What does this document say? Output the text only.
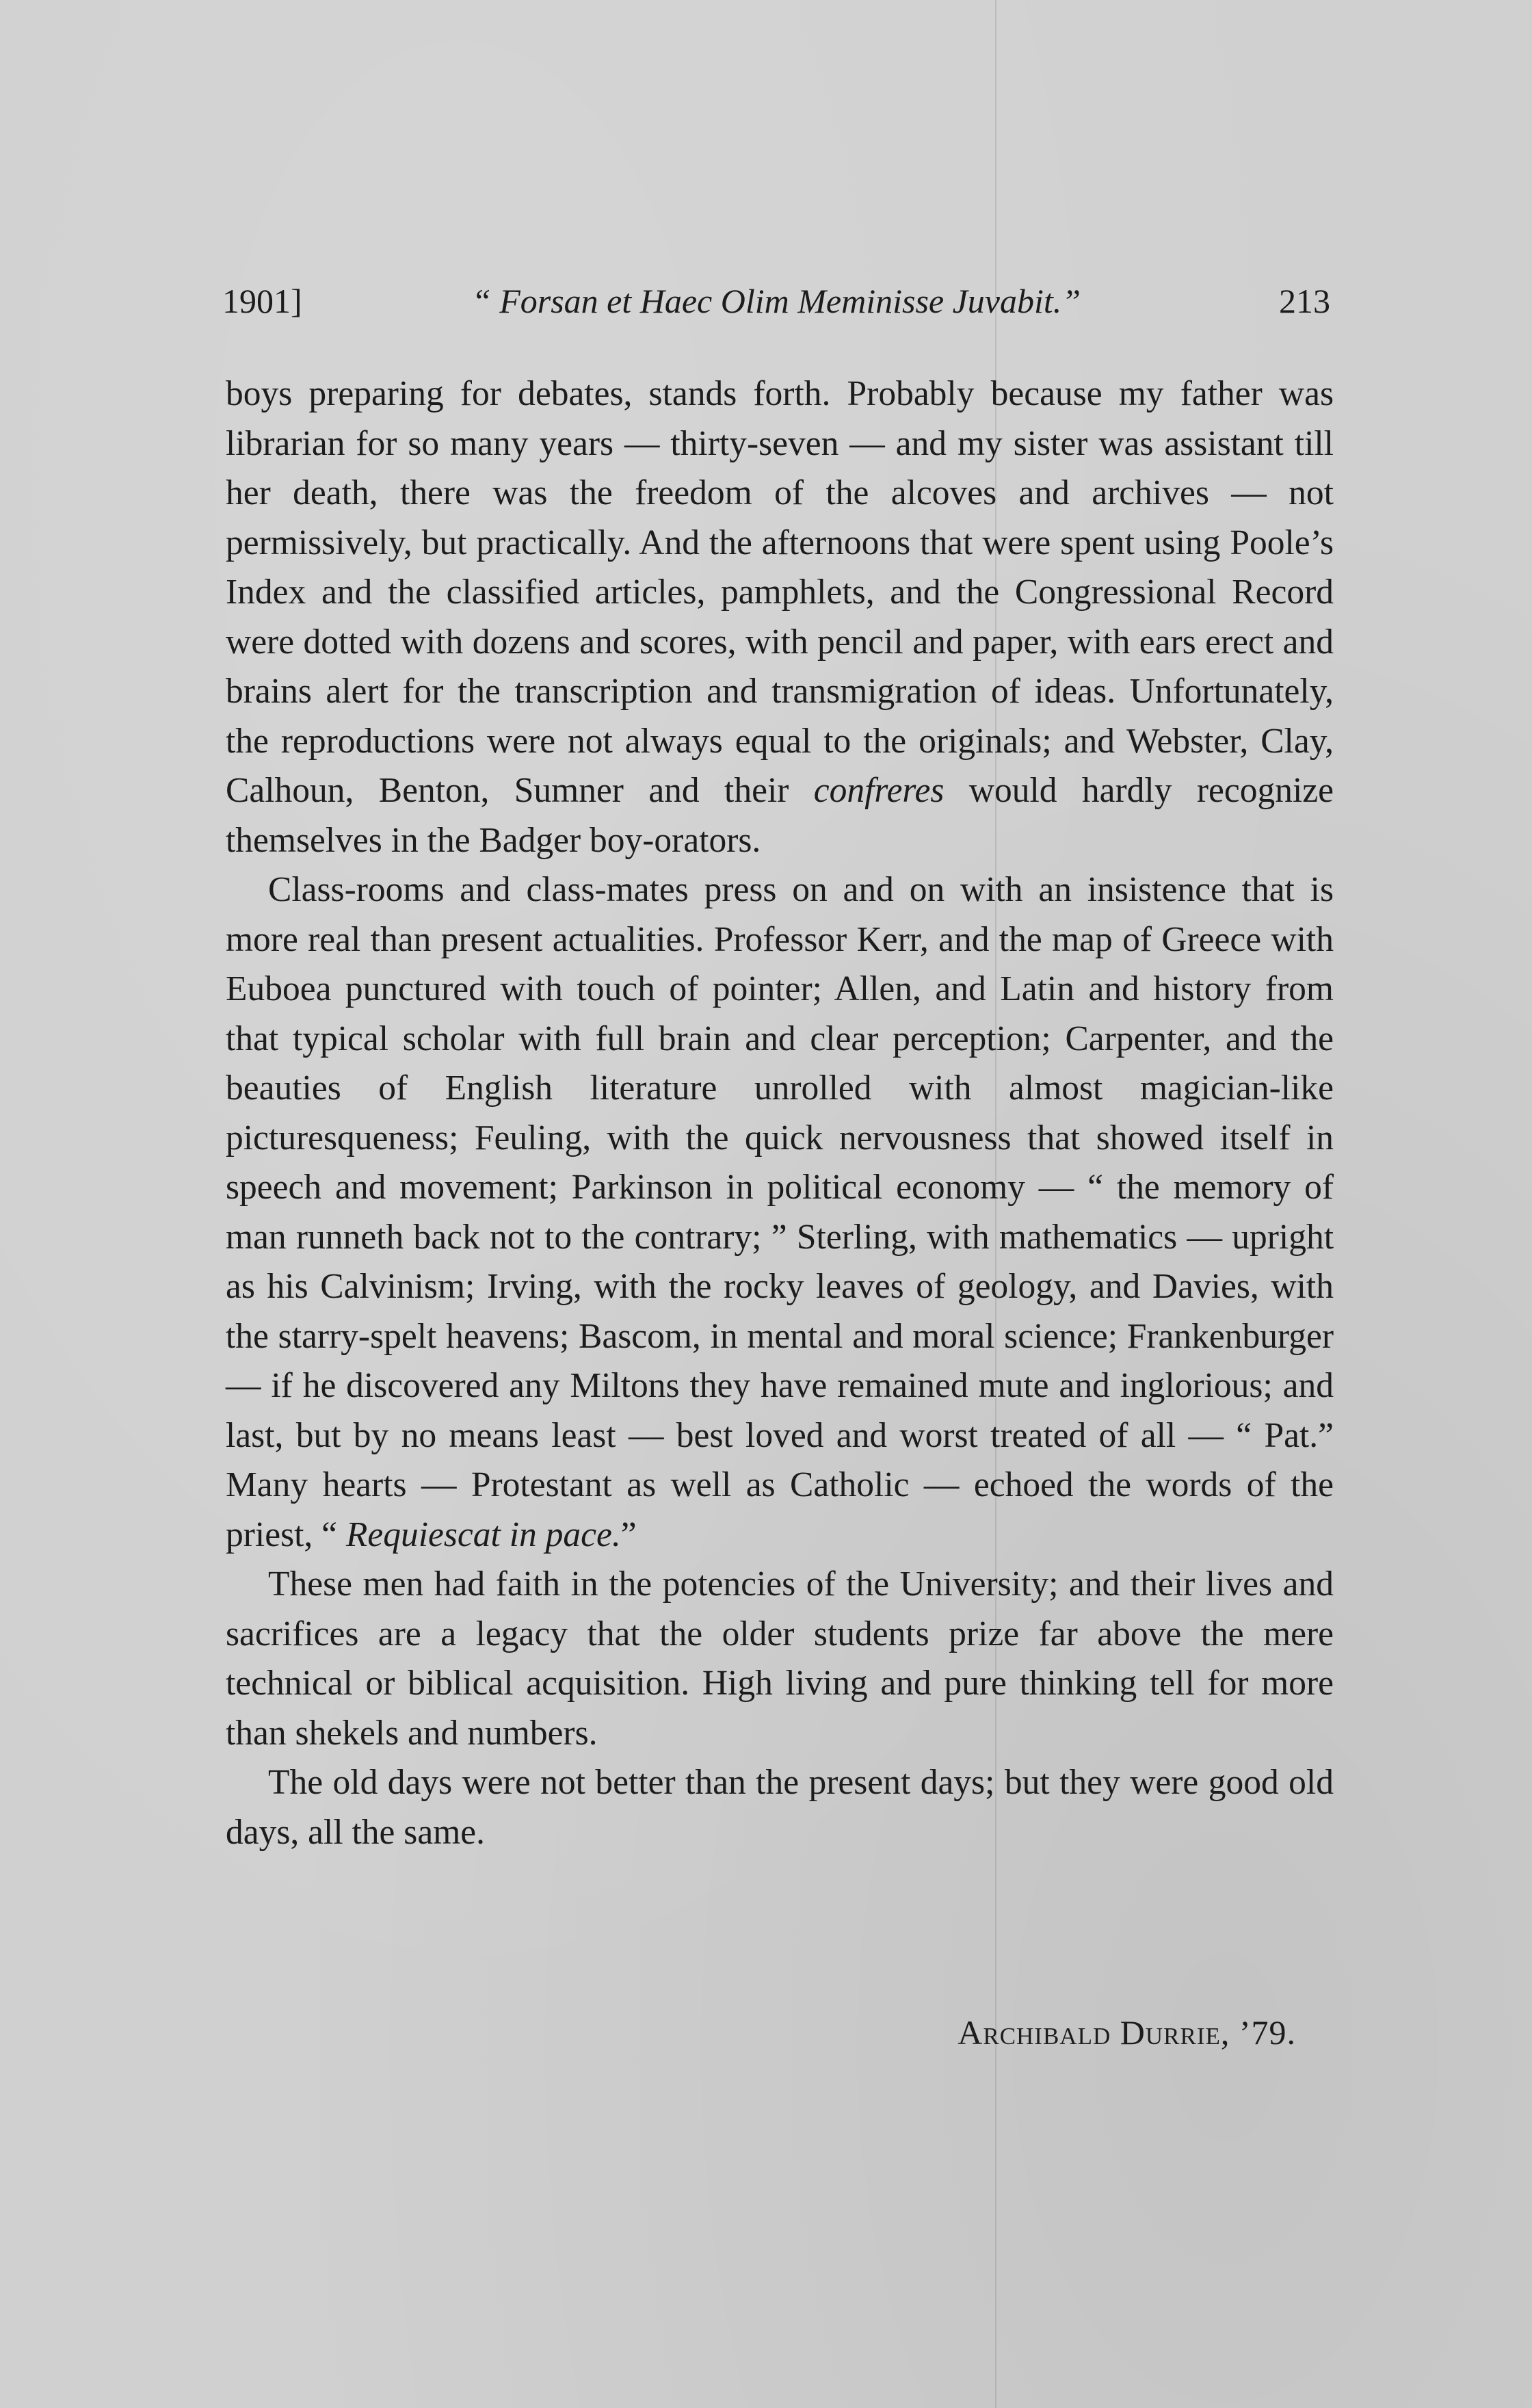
1901]	“ Forsan et Haec Olim Meminisse Juvabit.”	213

boys preparing for debates, stands forth. Probably because my father was librarian for so many years — thirty-seven — and my sister was assistant till her death, there was the freedom of the alcoves and archives — not permissively, but practically. And the afternoons that were spent using Poole’s Index and the classified articles, pamphlets, and the Congressional Record were dotted with dozens and scores, with pencil and paper, with ears erect and brains alert for the transcription and transmigration of ideas. Unfortunately, the reproductions were not always equal to the originals; and Webster, Clay, Calhoun, Benton, Sumner and their confreres would hardly recognize themselves in the Badger boy-orators.

Class-rooms and class-mates press on and on with an insistence that is more real than present actualities. Professor Kerr, and the map of Greece with Euboea punctured with touch of pointer; Allen, and Latin and history from that typical scholar with full brain and clear perception; Carpenter, and the beauties of English literature unrolled with almost magician-like picturesqueness; Feuling, with the quick nervousness that showed itself in speech and movement; Parkinson in political economy — “ the memory of man runneth back not to the contrary; ” Sterling, with mathematics — upright as his Calvinism; Irving, with the rocky leaves of geology, and Davies, with the starry-spelt heavens; Bascom, in mental and moral science; Frankenburger — if he discovered any Miltons they have remained mute and inglorious; and last, but by no means least — best loved and worst treated of all — “ Pat.” Many hearts — Protestant as well as Catholic — echoed the words of the priest, “ Requiescat in pace.”

These men had faith in the potencies of the University; and their lives and sacrifices are a legacy that the older students prize far above the mere technical or biblical acquisition. High living and pure thinking tell for more than shekels and numbers.

The old days were not better than the present days; but they were good old days, all the same.

Archibald Durrie, ’79.
